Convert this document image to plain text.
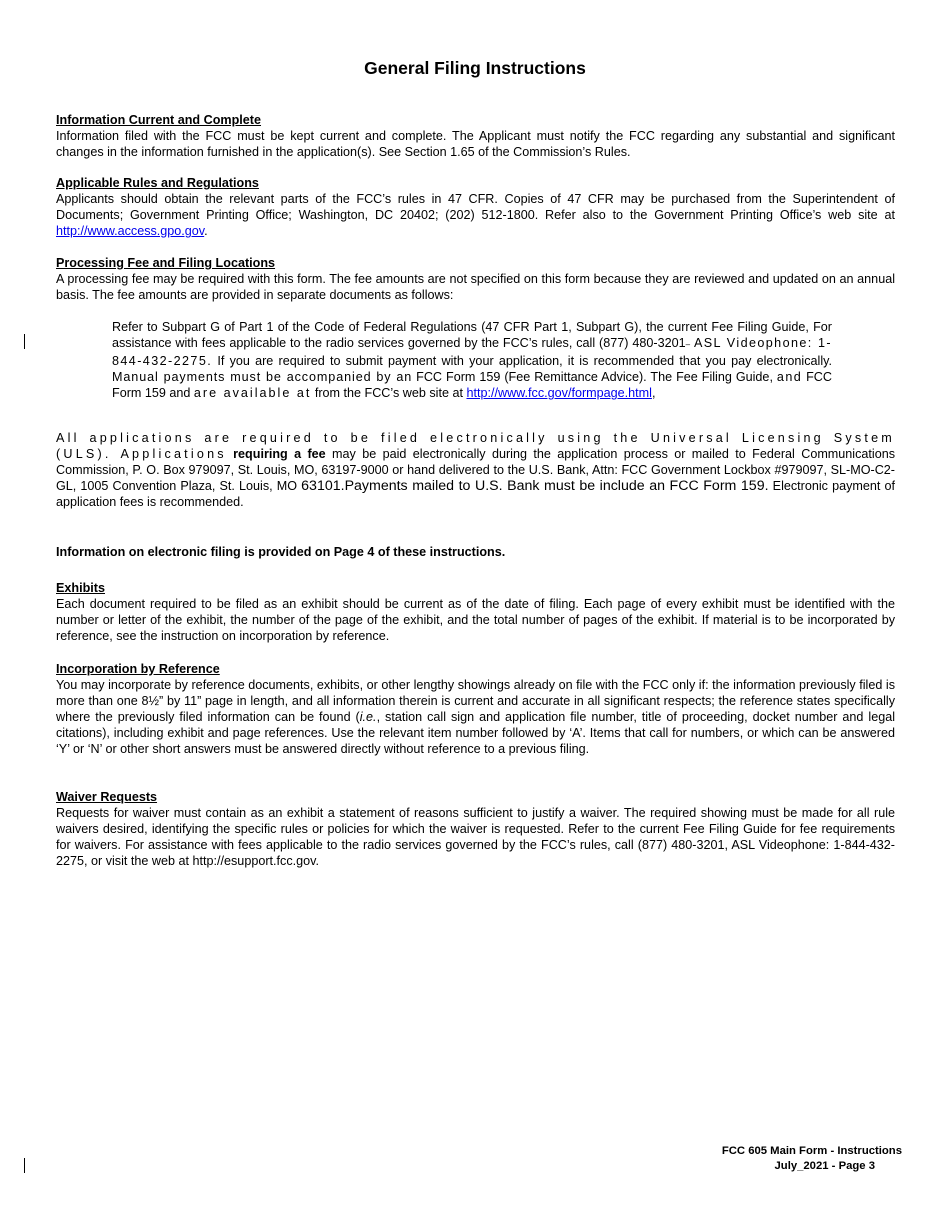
General Filing Instructions
Information Current and Complete
Information filed with the FCC must be kept current and complete. The Applicant must notify the FCC regarding any substantial and significant changes in the information furnished in the application(s). See Section 1.65 of the Commission’s Rules.
Applicable Rules and Regulations
Applicants should obtain the relevant parts of the FCC’s rules in 47 CFR. Copies of 47 CFR may be purchased from the Superintendent of Documents; Government Printing Office; Washington, DC 20402; (202) 512-1800. Refer also to the Government Printing Office’s web site at http://www.access.gpo.gov.
Processing Fee and Filing Locations
A processing fee may be required with this form. The fee amounts are not specified on this form because they are reviewed and updated on an annual basis. The fee amounts are provided in separate documents as follows:
Refer to Subpart G of Part 1 of the Code of Federal Regulations (47 CFR Part 1, Subpart G), the current Fee Filing Guide, For assistance with fees applicable to the radio services governed by the FCC’s rules, call (877) 480-3201– ASL Videophone: 1-844-432-2275. If you are required to submit payment with your application, it is recommended that you pay electronically. Manual payments must be accompanied by an FCC Form 159 (Fee Remittance Advice). The Fee Filing Guide, and FCC Form 159 and are available at from the FCC’s web site at http://www.fcc.gov/formpage.html,
All applications are required to be filed electronically using the Universal Licensing System (ULS). Applications requiring a fee may be paid electronically during the application process or mailed to Federal Communications Commission, P. O. Box 979097, St. Louis, MO, 63197-9000 or hand delivered to the U.S. Bank, Attn: FCC Government Lockbox #979097, SL-MO-C2-GL, 1005 Convention Plaza, St. Louis, MO 63101.Payments mailed to U.S. Bank must be include an FCC Form 159. Electronic payment of application fees is recommended.
Information on electronic filing is provided on Page 4 of these instructions.
Exhibits
Each document required to be filed as an exhibit should be current as of the date of filing. Each page of every exhibit must be identified with the number or letter of the exhibit, the number of the page of the exhibit, and the total number of pages of the exhibit. If material is to be incorporated by reference, see the instruction on incorporation by reference.
Incorporation by Reference
You may incorporate by reference documents, exhibits, or other lengthy showings already on file with the FCC only if: the information previously filed is more than one 8½” by 11” page in length, and all information therein is current and accurate in all significant respects; the reference states specifically where the previously filed information can be found (i.e., station call sign and application file number, title of proceeding, docket number and legal citations), including exhibit and page references. Use the relevant item number followed by ‘A’. Items that call for numbers, or which can be answered ‘Y’ or ‘N’ or other short answers must be answered directly without reference to a previous filing.
Waiver Requests
Requests for waiver must contain as an exhibit a statement of reasons sufficient to justify a waiver. The required showing must be made for all rule waivers desired, identifying the specific rules or policies for which the waiver is requested. Refer to the current Fee Filing Guide for fee requirements for waivers. For assistance with fees applicable to the radio services governed by the FCC’s rules, call (877) 480-3201, ASL Videophone: 1-844-432-2275, or visit the web at http://esupport.fcc.gov.
FCC 605 Main Form - Instructions
July_2021 - Page 3
